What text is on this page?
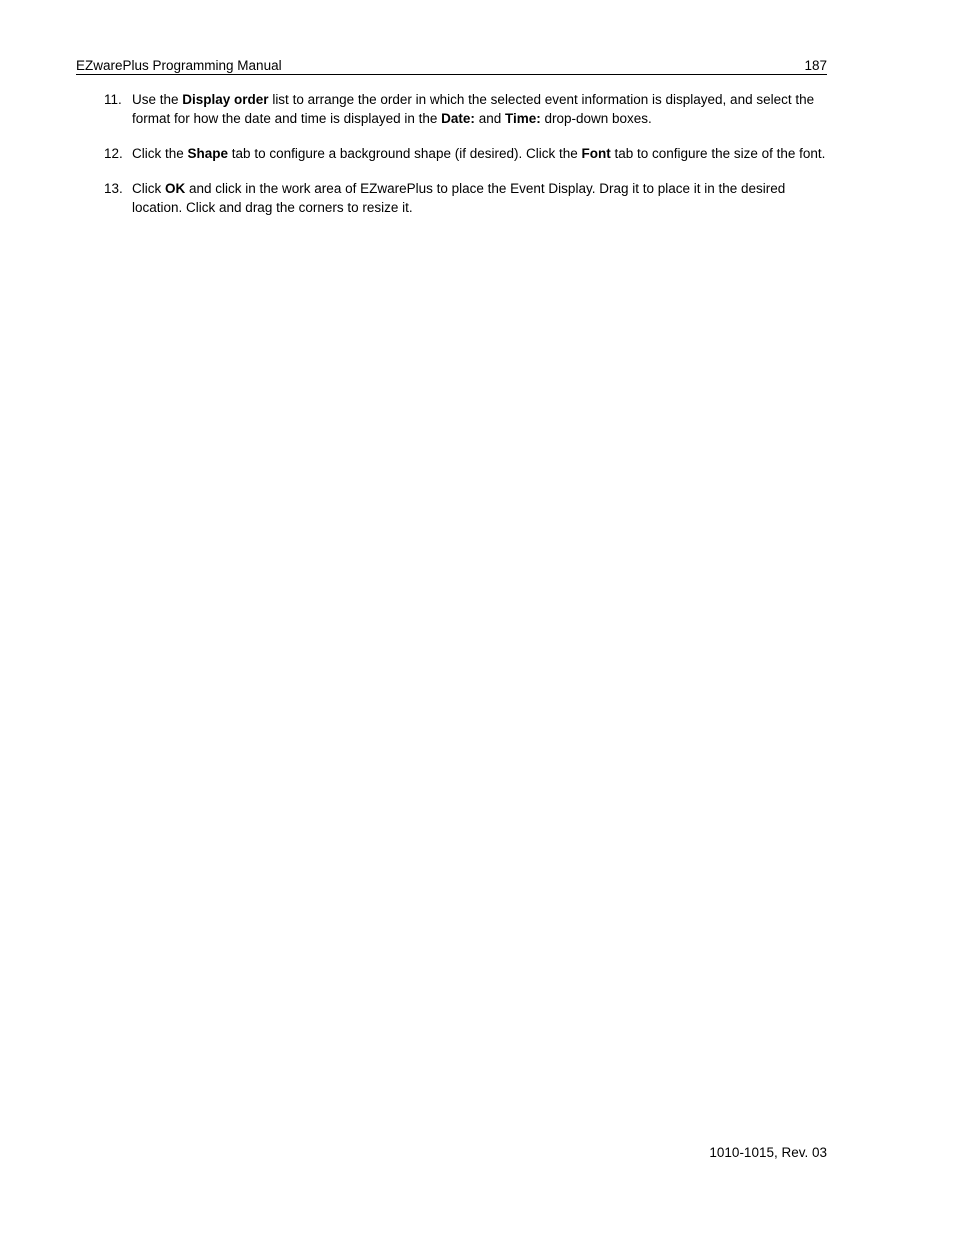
EZwarePlus Programming Manual	187
11. Use the Display order list to arrange the order in which the selected event information is displayed, and select the format for how the date and time is displayed in the Date: and Time: drop-down boxes.
12. Click the Shape tab to configure a background shape (if desired). Click the Font tab to configure the size of the font.
13. Click OK and click in the work area of EZwarePlus to place the Event Display. Drag it to place it in the desired location. Click and drag the corners to resize it.
1010-1015, Rev. 03
